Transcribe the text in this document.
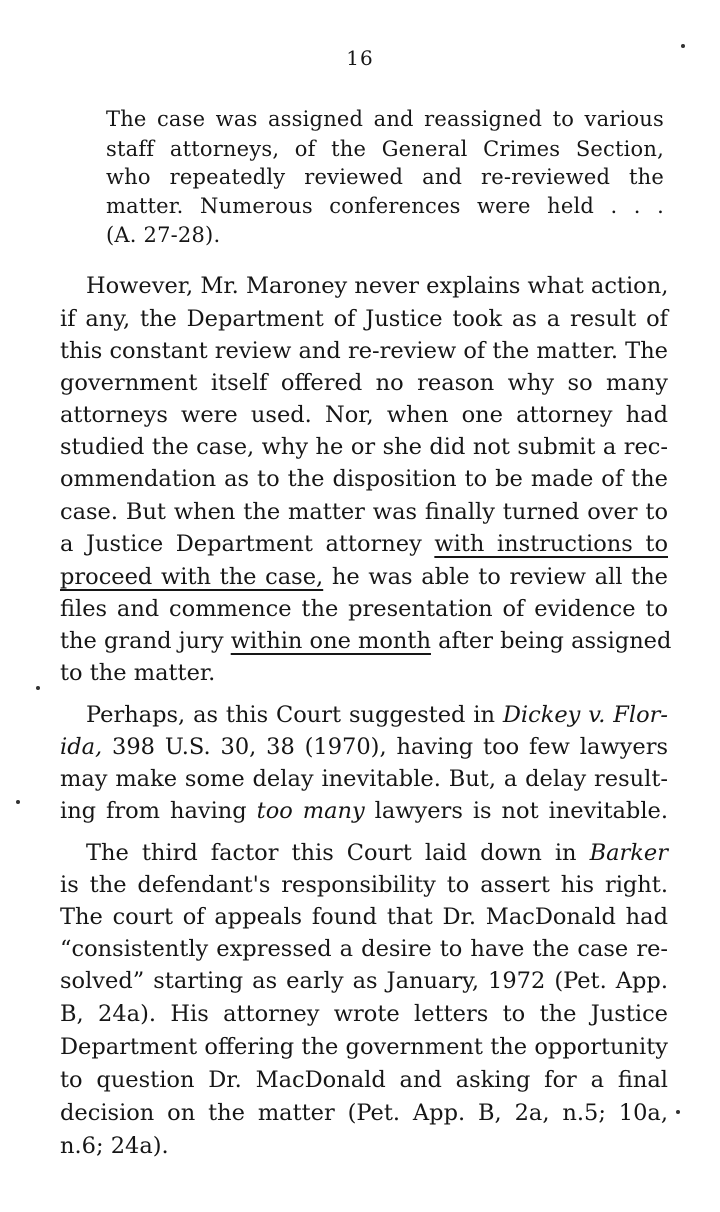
16
The case was assigned and reassigned to various
staff attorneys, of the General Crimes Section,
who repeatedly reviewed and re-reviewed the
matter. Numerous conferences were held . . .
(A. 27-28).
However, Mr. Maroney never explains what action,
if any, the Department of Justice took as a result of
this constant review and re-review of the matter. The
government itself offered no reason why so many
attorneys were used. Nor, when one attorney had
studied the case, why he or she did not submit a rec-
ommendation as to the disposition to be made of the
case. But when the matter was finally turned over to
a Justice Department attorney with instructions to
proceed with the case, he was able to review all the
files and commence the presentation of evidence to
the grand jury within one month after being assigned
to the matter.
Perhaps, as this Court suggested in Dickey v. Flor-
ida, 398 U.S. 30, 38 (1970), having too few lawyers
may make some delay inevitable. But, a delay result-
ing from having too many lawyers is not inevitable.
The third factor this Court laid down in Barker
is the defendant's responsibility to assert his right.
The court of appeals found that Dr. MacDonald had
“consistently expressed a desire to have the case re-
solved” starting as early as January, 1972 (Pet. App.
B, 24a). His attorney wrote letters to the Justice
Department offering the government the opportunity
to question Dr. MacDonald and asking for a final
decision on the matter (Pet. App. B, 2a, n.5; 10a,
n.6; 24a).
